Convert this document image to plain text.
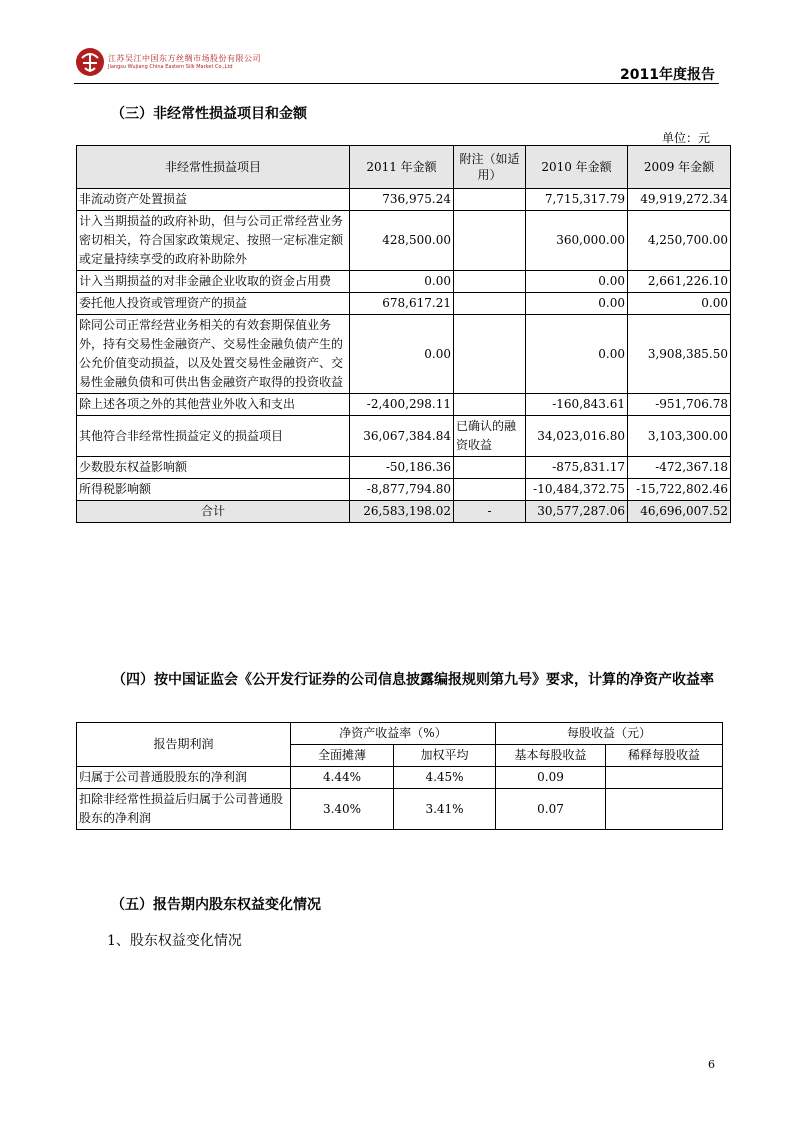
江苏吴江中国东方丝绸市场股份有限公司
Jiangsu Wujiang China Eastern Silk Market Co.,Ltd	2011年度报告
（三）非经常性损益项目和金额
单位：元
非经常性损益项目	2011 年金额	附注（如适用）	2010 年金额	2009 年金额
非流动资产处置损益	736,975.24		7,715,317.79	49,919,272.34
计入当期损益的政府补助，但与公司正常经营业务密切相关，符合国家政策规定、按照一定标准定额或定量持续享受的政府补助除外	428,500.00		360,000.00	4,250,700.00
计入当期损益的对非金融企业收取的资金占用费	0.00		0.00	2,661,226.10
委托他人投资或管理资产的损益	678,617.21		0.00	0.00
除同公司正常经营业务相关的有效套期保值业务外，持有交易性金融资产、交易性金融负债产生的公允价值变动损益，以及处置交易性金融资产、交易性金融负债和可供出售金融资产取得的投资收益	0.00		0.00	3,908,385.50
除上述各项之外的其他营业外收入和支出	-2,400,298.11		-160,843.61	-951,706.78
其他符合非经常性损益定义的损益项目	36,067,384.84	已确认的融资收益	34,023,016.80	3,103,300.00
少数股东权益影响额	-50,186.36		-875,831.17	-472,367.18
所得税影响额	-8,877,794.80		-10,484,372.75	-15,722,802.46
合计	26,583,198.02	-	30,577,287.06	46,696,007.52
（四）按中国证监会《公开发行证券的公司信息披露编报规则第九号》要求，计算的净资产收益率
报告期利润	净资产收益率（%）		每股收益（元）	
	全面摊薄	加权平均	基本每股收益	稀释每股收益
归属于公司普通股股东的净利润	4.44%	4.45%	0.09	
扣除非经常性损益后归属于公司普通股股东的净利润	3.40%	3.41%	0.07	
（五）报告期内股东权益变化情况
1、股东权益变化情况
6
